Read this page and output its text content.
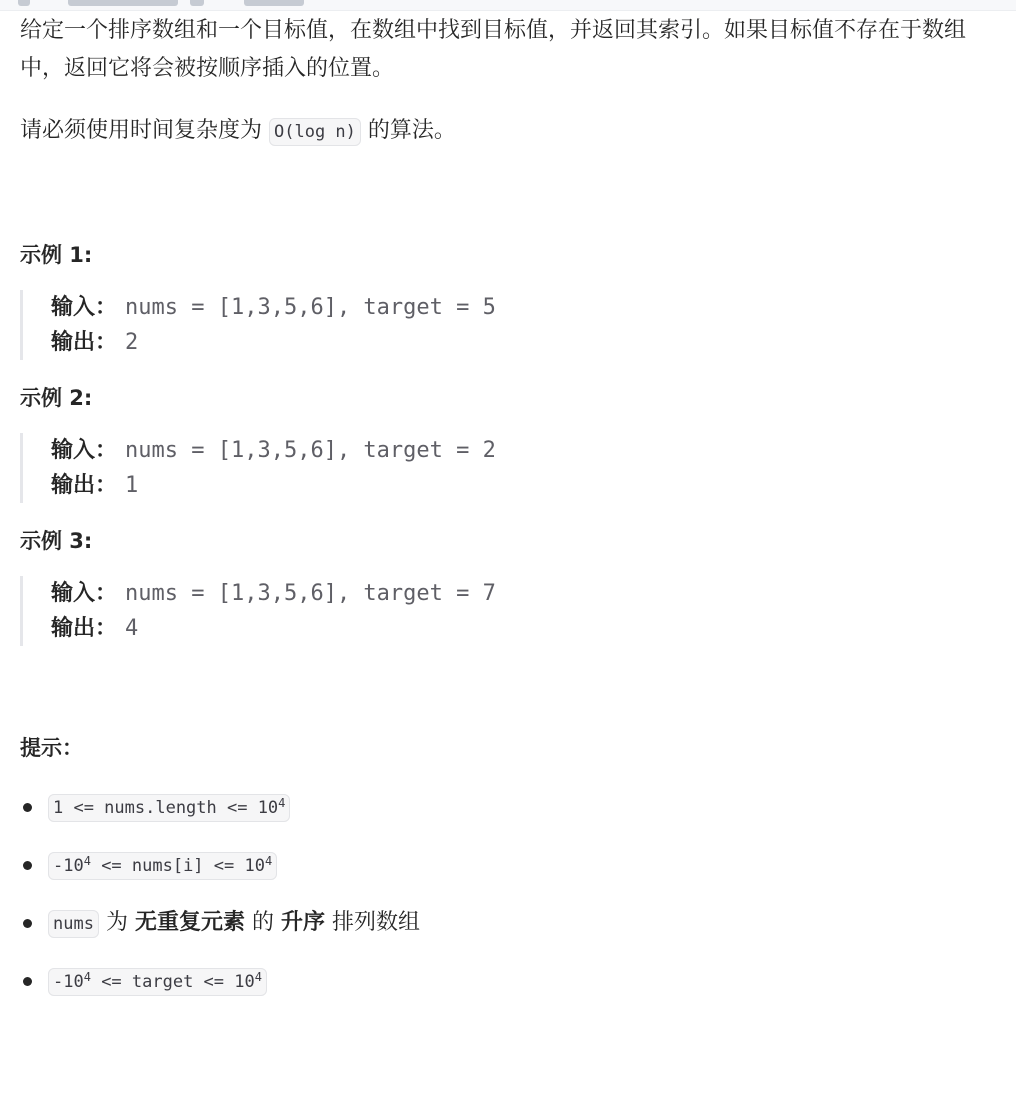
给定一个排序数组和一个目标值，在数组中找到目标值，并返回其索引。如果目标值不存在于数组中，返回它将会被按顺序插入的位置。

请必须使用时间复杂度为 O(log n) 的算法。

示例 1:

输入： nums = [1,3,5,6], target = 5
输出： 2

示例 2:

输入： nums = [1,3,5,6], target = 2
输出： 1

示例 3:

输入： nums = [1,3,5,6], target = 7
输出： 4

提示：

1 <= nums.length <= $10^4$
$-10^4$ <= nums[i] <= $10^4$
nums 为 无重复元素 的 升序 排列数组
$-10^4$ <= target <= $10^4$
